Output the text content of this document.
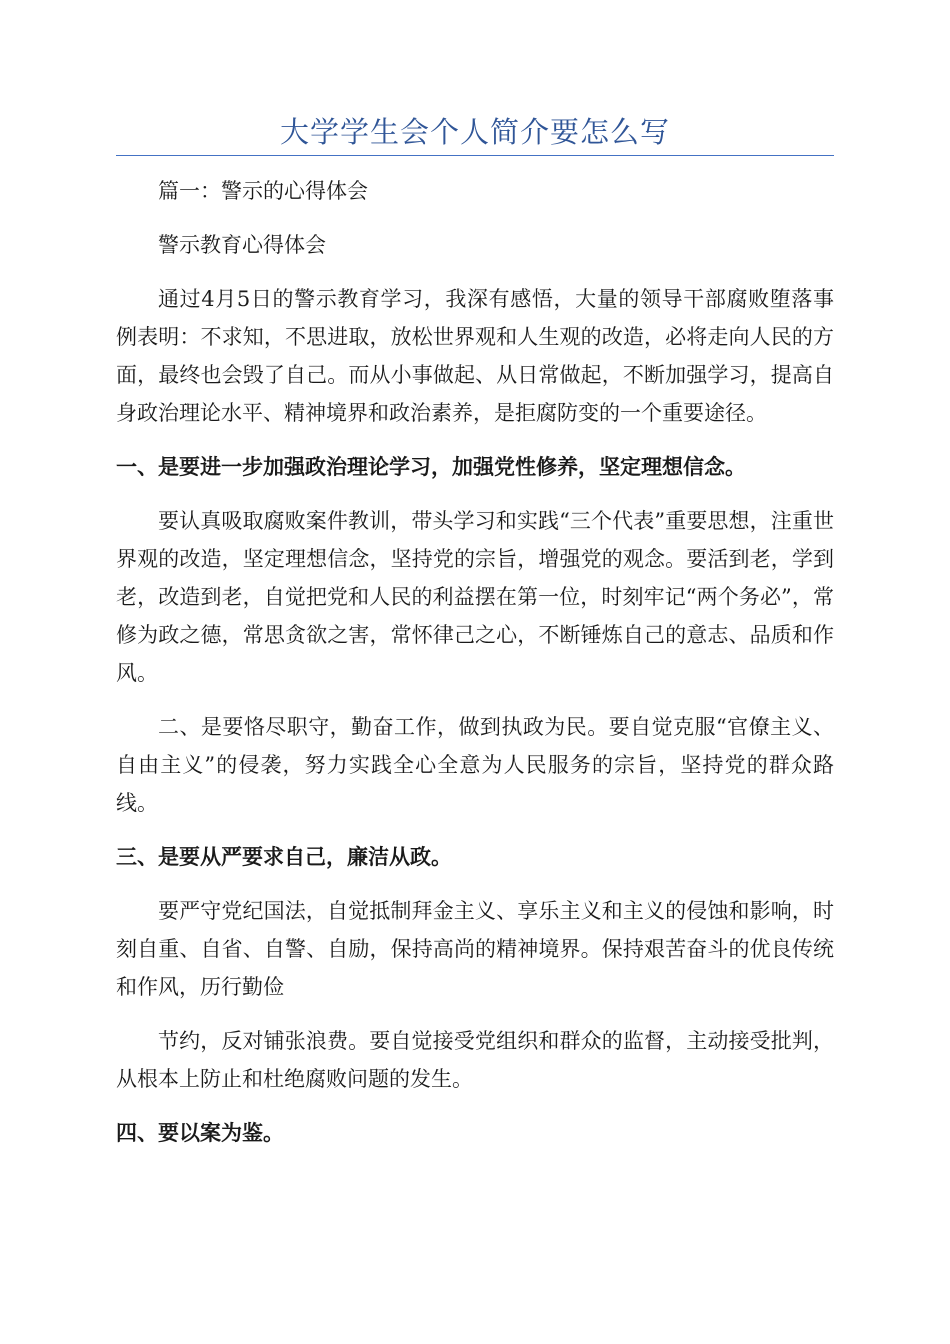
大学学生会个人简介要怎么写

篇一：警示的心得体会

警示教育心得体会

通过4月5日的警示教育学习，我深有感悟，大量的领导干部腐败堕落事例表明：不求知，不思进取，放松世界观和人生观的改造，必将走向人民的方面，最终也会毁了自己。而从小事做起、从日常做起，不断加强学习，提高自身政治理论水平、精神境界和政治素养，是拒腐防变的一个重要途径。

一、是要进一步加强政治理论学习，加强党性修养，坚定理想信念。

要认真吸取腐败案件教训，带头学习和实践“三个代表”重要思想，注重世界观的改造，坚定理想信念，坚持党的宗旨，增强党的观念。要活到老，学到老，改造到老，自觉把党和人民的利益摆在第一位，时刻牢记“两个务必”，常修为政之德，常思贪欲之害，常怀律己之心，不断锤炼自己的意志、品质和作风。

二、是要恪尽职守，勤奋工作，做到执政为民。要自觉克服“官僚主义、自由主义”的侵袭，努力实践全心全意为人民服务的宗旨，坚持党的群众路线。

三、是要从严要求自己，廉洁从政。

要严守党纪国法，自觉抵制拜金主义、享乐主义和主义的侵蚀和影响，时刻自重、自省、自警、自励，保持高尚的精神境界。保持艰苦奋斗的优良传统和作风，历行勤俭

节约，反对铺张浪费。要自觉接受党组织和群众的监督，主动接受批判，从根本上防止和杜绝腐败问题的发生。

四、要以案为鉴。
